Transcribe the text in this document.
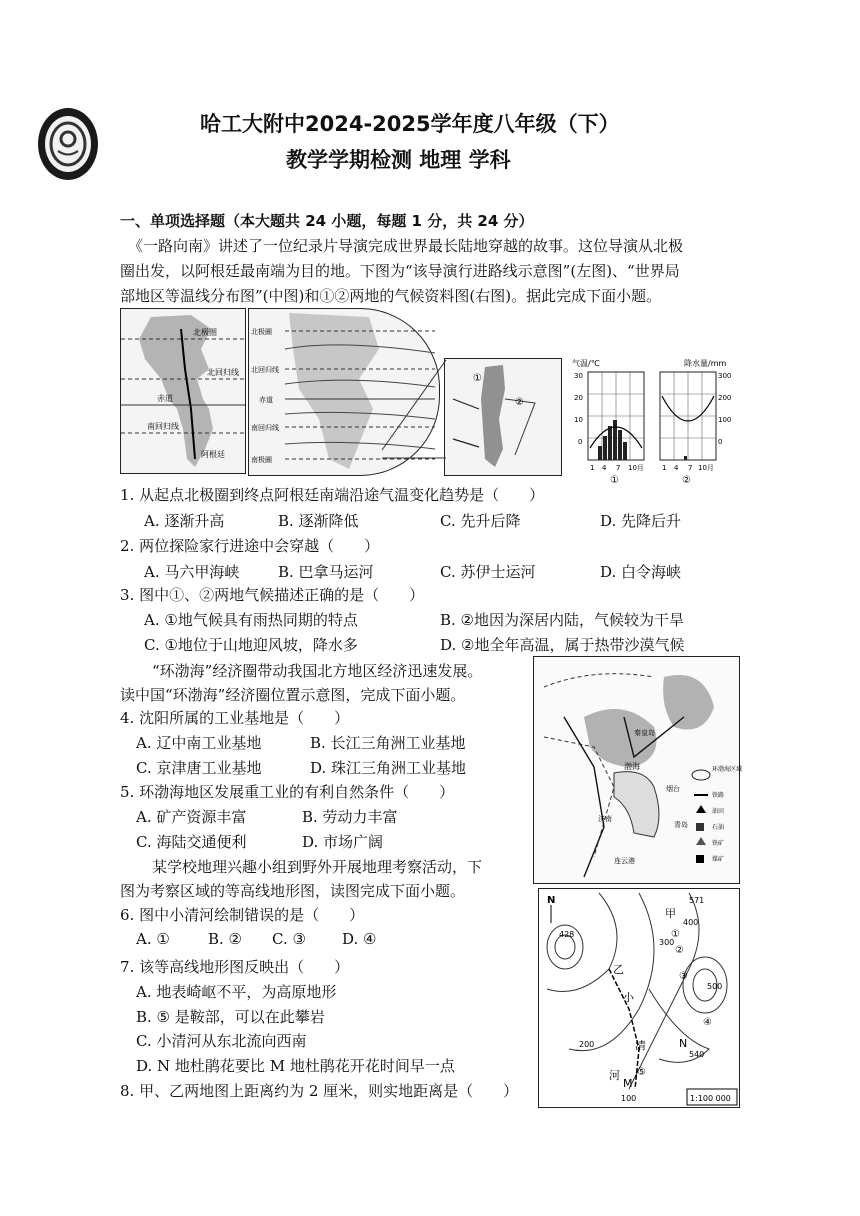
哈工大附中2024-2025学年度八年级（下）
教学学期检测 地理 学科
一、单项选择题（本大题共 24 小题，每题 1 分，共 24 分）
《一路向南》讲述了一位纪录片导演完成世界最长陆地穿越的故事。这位导演从北极
圈出发，以阿根廷最南端为目的地。下图为“该导演行进路线示意图”(左图)、“世界局
部地区等温线分布图”(中图)和①②两地的气候资料图(右图)。据此完成下面小题。
北极圈
北回归线
赤道
南回归线
阿根廷
北极圈
北回归线
赤道
南回归线
南极圈
①
②
气温/℃
30
20
10
0
1 4 7 10月
①
降水量/mm
300
200
100
0
1 4 7 10月
②
1. 从起点北极圈到终点阿根廷南端沿途气温变化趋势是（　　）
A. 逐渐升高	B. 逐渐降低	C. 先升后降	D. 先降后升
2. 两位探险家行进途中会穿越（　　）
A. 马六甲海峡	B. 巴拿马运河	C. 苏伊士运河	D. 白令海峡
3. 图中①、②两地气候描述正确的是（　　）
A. ①地气候具有雨热同期的特点	B. ②地因为深居内陆，气候较为干旱
C. ①地位于山地迎风坡，降水多	D. ②地全年高温，属于热带沙漠气候
“环渤海”经济圈带动我国北方地区经济迅速发展。
读中国“环渤海”经济圈位置示意图，完成下面小题。
4. 沈阳所属的工业基地是（　　）
A. 辽中南工业基地	B. 长江三角洲工业基地
C. 京津唐工业基地	D. 珠江三角洲工业基地
5. 环渤海地区发展重工业的有利自然条件（　　）
A. 矿产资源丰富	B. 劳动力丰富
C. 海陆交通便利	D. 市场广阔
渤海
秦皇岛
烟台
青岛
济南
连云港
环渤海区域
铁路
油田
石油
铁矿
煤矿
某学校地理兴趣小组到野外开展地理考察活动，下
图为考察区域的等高线地形图，读图完成下面小题。
6. 图中小清河绘制错误的是（　　）
A. ①	B. ② C. ③ D. ④
7. 该等高线地形图反映出（　　）
A. 地表崎岖不平，为高原地形
B. ⑤ 是鞍部，可以在此攀岩
C. 小清河从东北流向西南
D. N 地杜鹃花要比 M 地杜鹃花开花时间早一点
8. 甲、乙两地图上距离约为 2 厘米，则实地距离是（　　）
N
甲
乙
小
清
河
M
N
571
400
428
300
200
100
500
540
①
②
③
④
⑤
1:100 000
